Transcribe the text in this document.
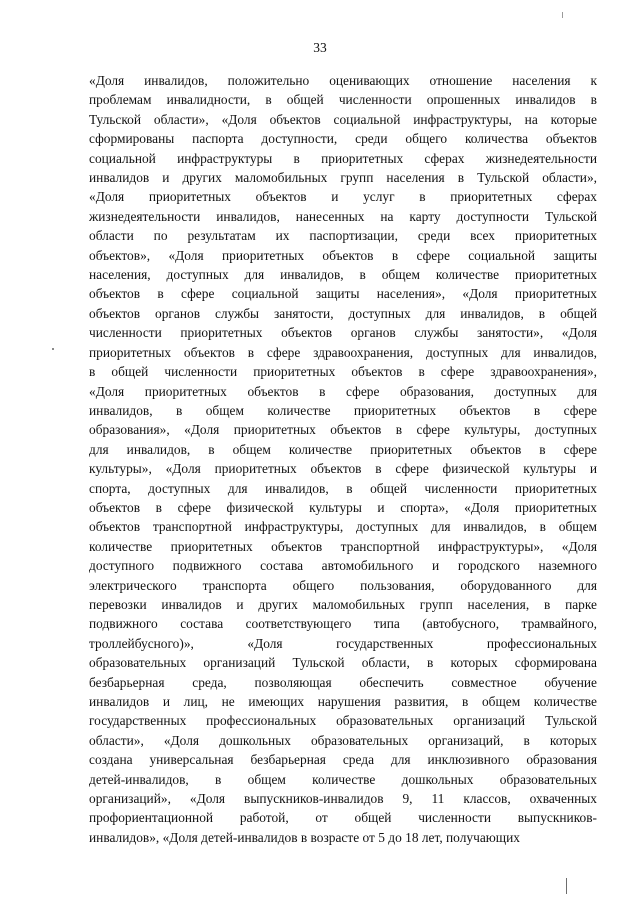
33
«Доля инвалидов, положительно оценивающих отношение населения к
проблемам инвалидности, в общей численности опрошенных инвалидов в
Тульской области», «Доля объектов социальной инфраструктуры, на которые
сформированы паспорта доступности, среди общего количества объектов
социальной инфраструктуры в приоритетных сферах жизнедеятельности
инвалидов и других маломобильных групп населения в Тульской области»,
«Доля приоритетных объектов и услуг в приоритетных сферах
жизнедеятельности инвалидов, нанесенных на карту доступности Тульской
области по результатам их паспортизации, среди всех приоритетных
объектов», «Доля приоритетных объектов в сфере социальной защиты
населения, доступных для инвалидов, в общем количестве приоритетных
объектов в сфере социальной защиты населения», «Доля приоритетных
объектов органов службы занятости, доступных для инвалидов, в общей
численности приоритетных объектов органов службы занятости», «Доля
приоритетных объектов в сфере здравоохранения, доступных для инвалидов,
в общей численности приоритетных объектов в сфере здравоохранения»,
«Доля приоритетных объектов в сфере образования, доступных для
инвалидов, в общем количестве приоритетных объектов в сфере
образования», «Доля приоритетных объектов в сфере культуры, доступных
для инвалидов, в общем количестве приоритетных объектов в сфере
культуры», «Доля приоритетных объектов в сфере физической культуры и
спорта, доступных для инвалидов, в общей численности приоритетных
объектов в сфере физической культуры и спорта», «Доля приоритетных
объектов транспортной инфраструктуры, доступных для инвалидов, в общем
количестве приоритетных объектов транспортной инфраструктуры», «Доля
доступного подвижного состава автомобильного и городского наземного
электрического транспорта общего пользования, оборудованного для
перевозки инвалидов и других маломобильных групп населения, в парке
подвижного состава соответствующего типа (автобусного, трамвайного,
троллейбусного)», «Доля государственных профессиональных
образовательных организаций Тульской области, в которых сформирована
безбарьерная среда, позволяющая обеспечить совместное обучение
инвалидов и лиц, не имеющих нарушения развития, в общем количестве
государственных профессиональных образовательных организаций Тульской
области», «Доля дошкольных образовательных организаций, в которых
создана универсальная безбарьерная среда для инклюзивного образования
детей-инвалидов, в общем количестве дошкольных образовательных
организаций», «Доля выпускников-инвалидов 9, 11 классов, охваченных
профориентационной работой, от общей численности выпускников-
инвалидов», «Доля детей-инвалидов в возрасте от 5 до 18 лет, получающих
